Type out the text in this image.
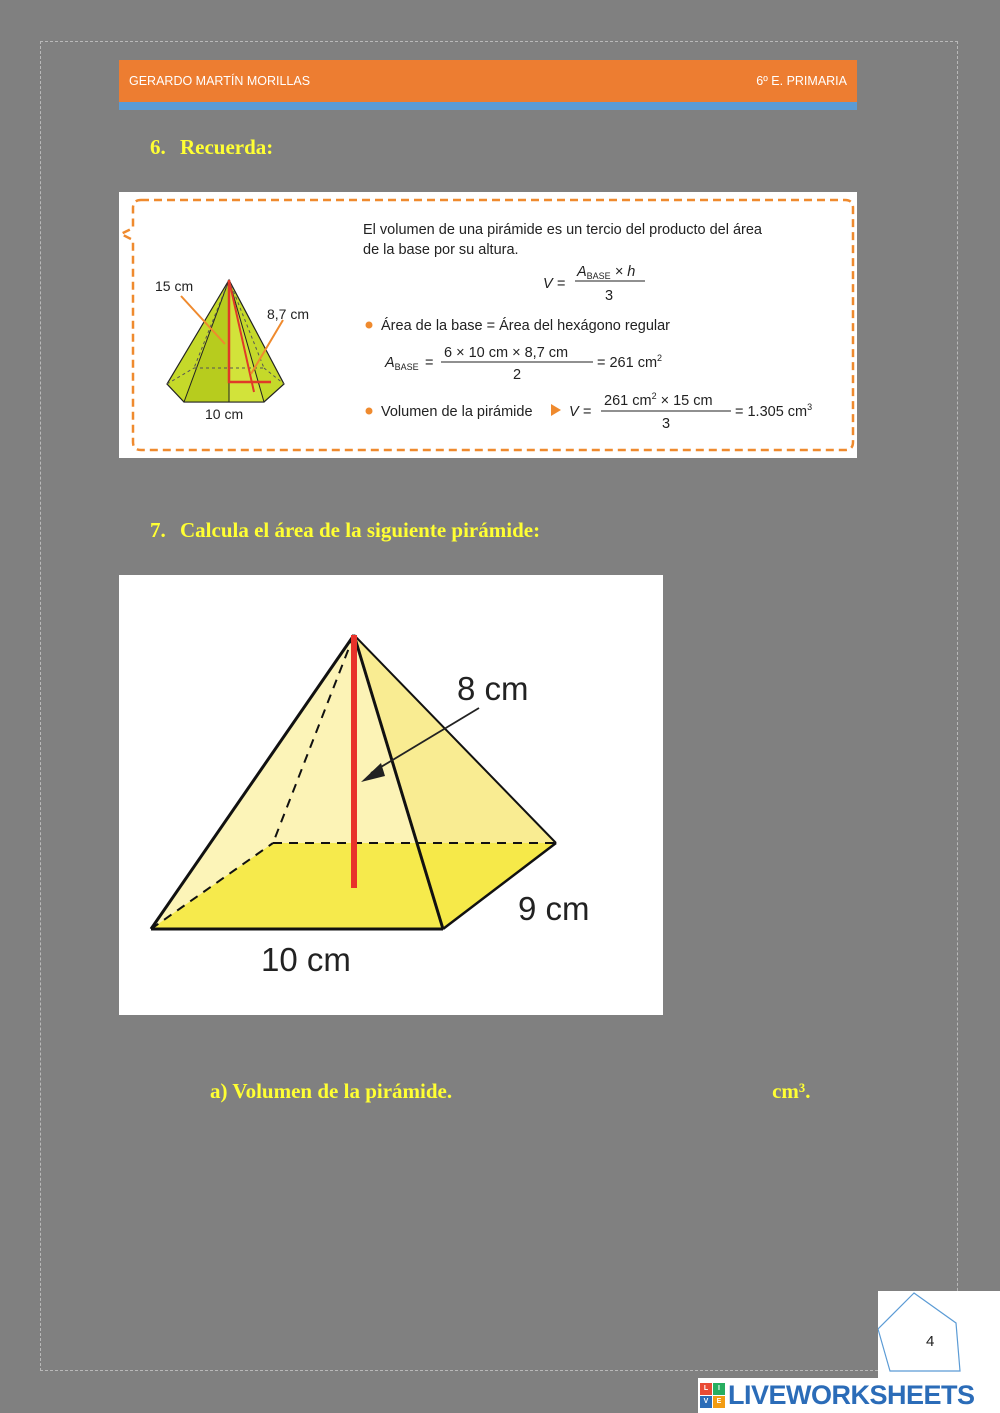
GERARDO MARTÍN MORILLAS	6º E. PRIMARIA
6. Recuerda:
15 cm
8,7 cm
10 cm
El volumen de una pirámide es un tercio del producto del área
de la base por su altura.
V =
$A_{BASE} \times h$
3
Área de la base = Área del hexágono regular
$A_{BASE}$ =
6 × 10 cm × 8,7 cm
2
= 261 $cm^2$
Volumen de la pirámide	V =
261 $cm^2 \times 15$ cm
3
= 1.305 $cm^3$
7. Calcula el área de la siguiente pirámide:
8 cm
9 cm
10 cm
a) Volumen de la pirámide.	cm³.
4
L	I
V	E LIVEWORKSHEETS
